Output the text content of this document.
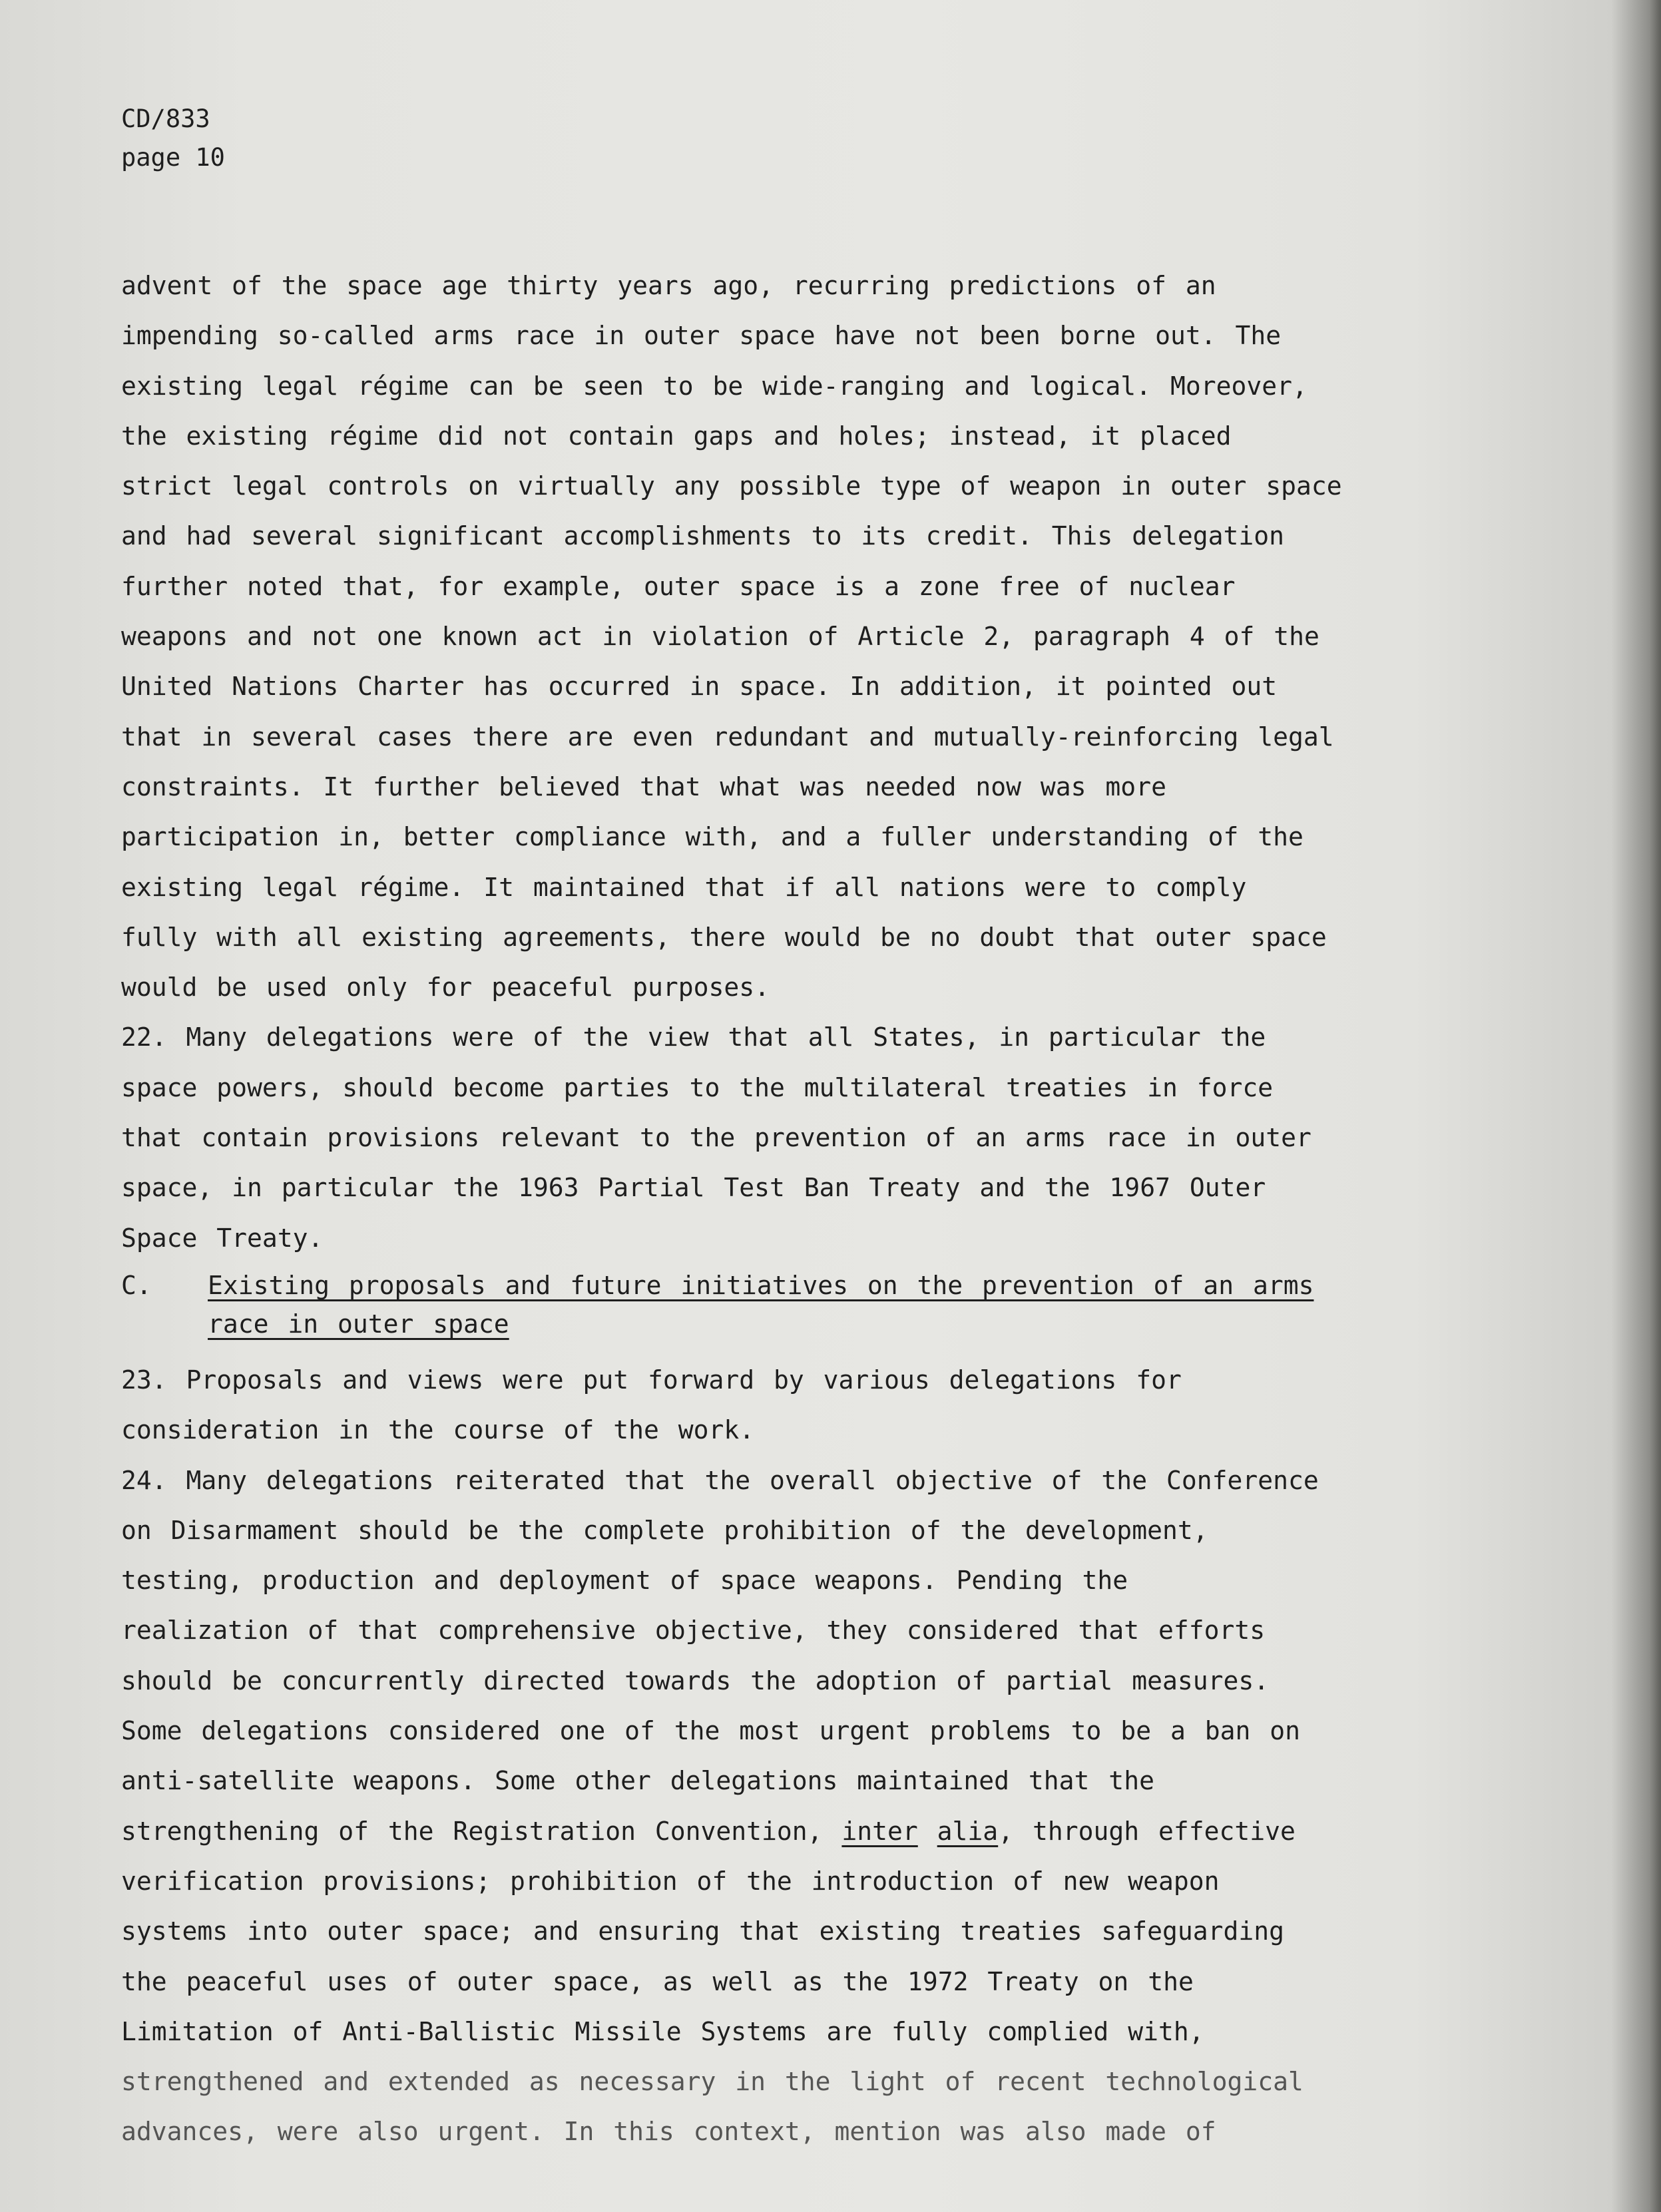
CD/833
page 10
advent of the space age thirty years ago, recurring predictions of an
impending so-called arms race in outer space have not been borne out. The
existing legal régime can be seen to be wide-ranging and logical. Moreover,
the existing régime did not contain gaps and holes; instead, it placed
strict legal controls on virtually any possible type of weapon in outer space
and had several significant accomplishments to its credit. This delegation
further noted that, for example, outer space is a zone free of nuclear
weapons and not one known act in violation of Article 2, paragraph 4 of the
United Nations Charter has occurred in space. In addition, it pointed out
that in several cases there are even redundant and mutually-reinforcing legal
constraints. It further believed that what was needed now was more
participation in, better compliance with, and a fuller understanding of the
existing legal régime. It maintained that if all nations were to comply
fully with all existing agreements, there would be no doubt that outer space
would be used only for peaceful purposes.
22. Many delegations were of the view that all States, in particular the
space powers, should become parties to the multilateral treaties in force
that contain provisions relevant to the prevention of an arms race in outer
space, in particular the 1963 Partial Test Ban Treaty and the 1967 Outer
Space Treaty.
C.	Existing proposals and future initiatives on the prevention of an arms
race in outer space
23. Proposals and views were put forward by various delegations for
consideration in the course of the work.
24. Many delegations reiterated that the overall objective of the Conference
on Disarmament should be the complete prohibition of the development,
testing, production and deployment of space weapons. Pending the
realization of that comprehensive objective, they considered that efforts
should be concurrently directed towards the adoption of partial measures.
Some delegations considered one of the most urgent problems to be a ban on
anti-satellite weapons. Some other delegations maintained that the
strengthening of the Registration Convention, inter alia, through effective
verification provisions; prohibition of the introduction of new weapon
systems into outer space; and ensuring that existing treaties safeguarding
the peaceful uses of outer space, as well as the 1972 Treaty on the
Limitation of Anti-Ballistic Missile Systems are fully complied with,
strengthened and extended as necessary in the light of recent technological
advances, were also urgent. In this context, mention was also made of
